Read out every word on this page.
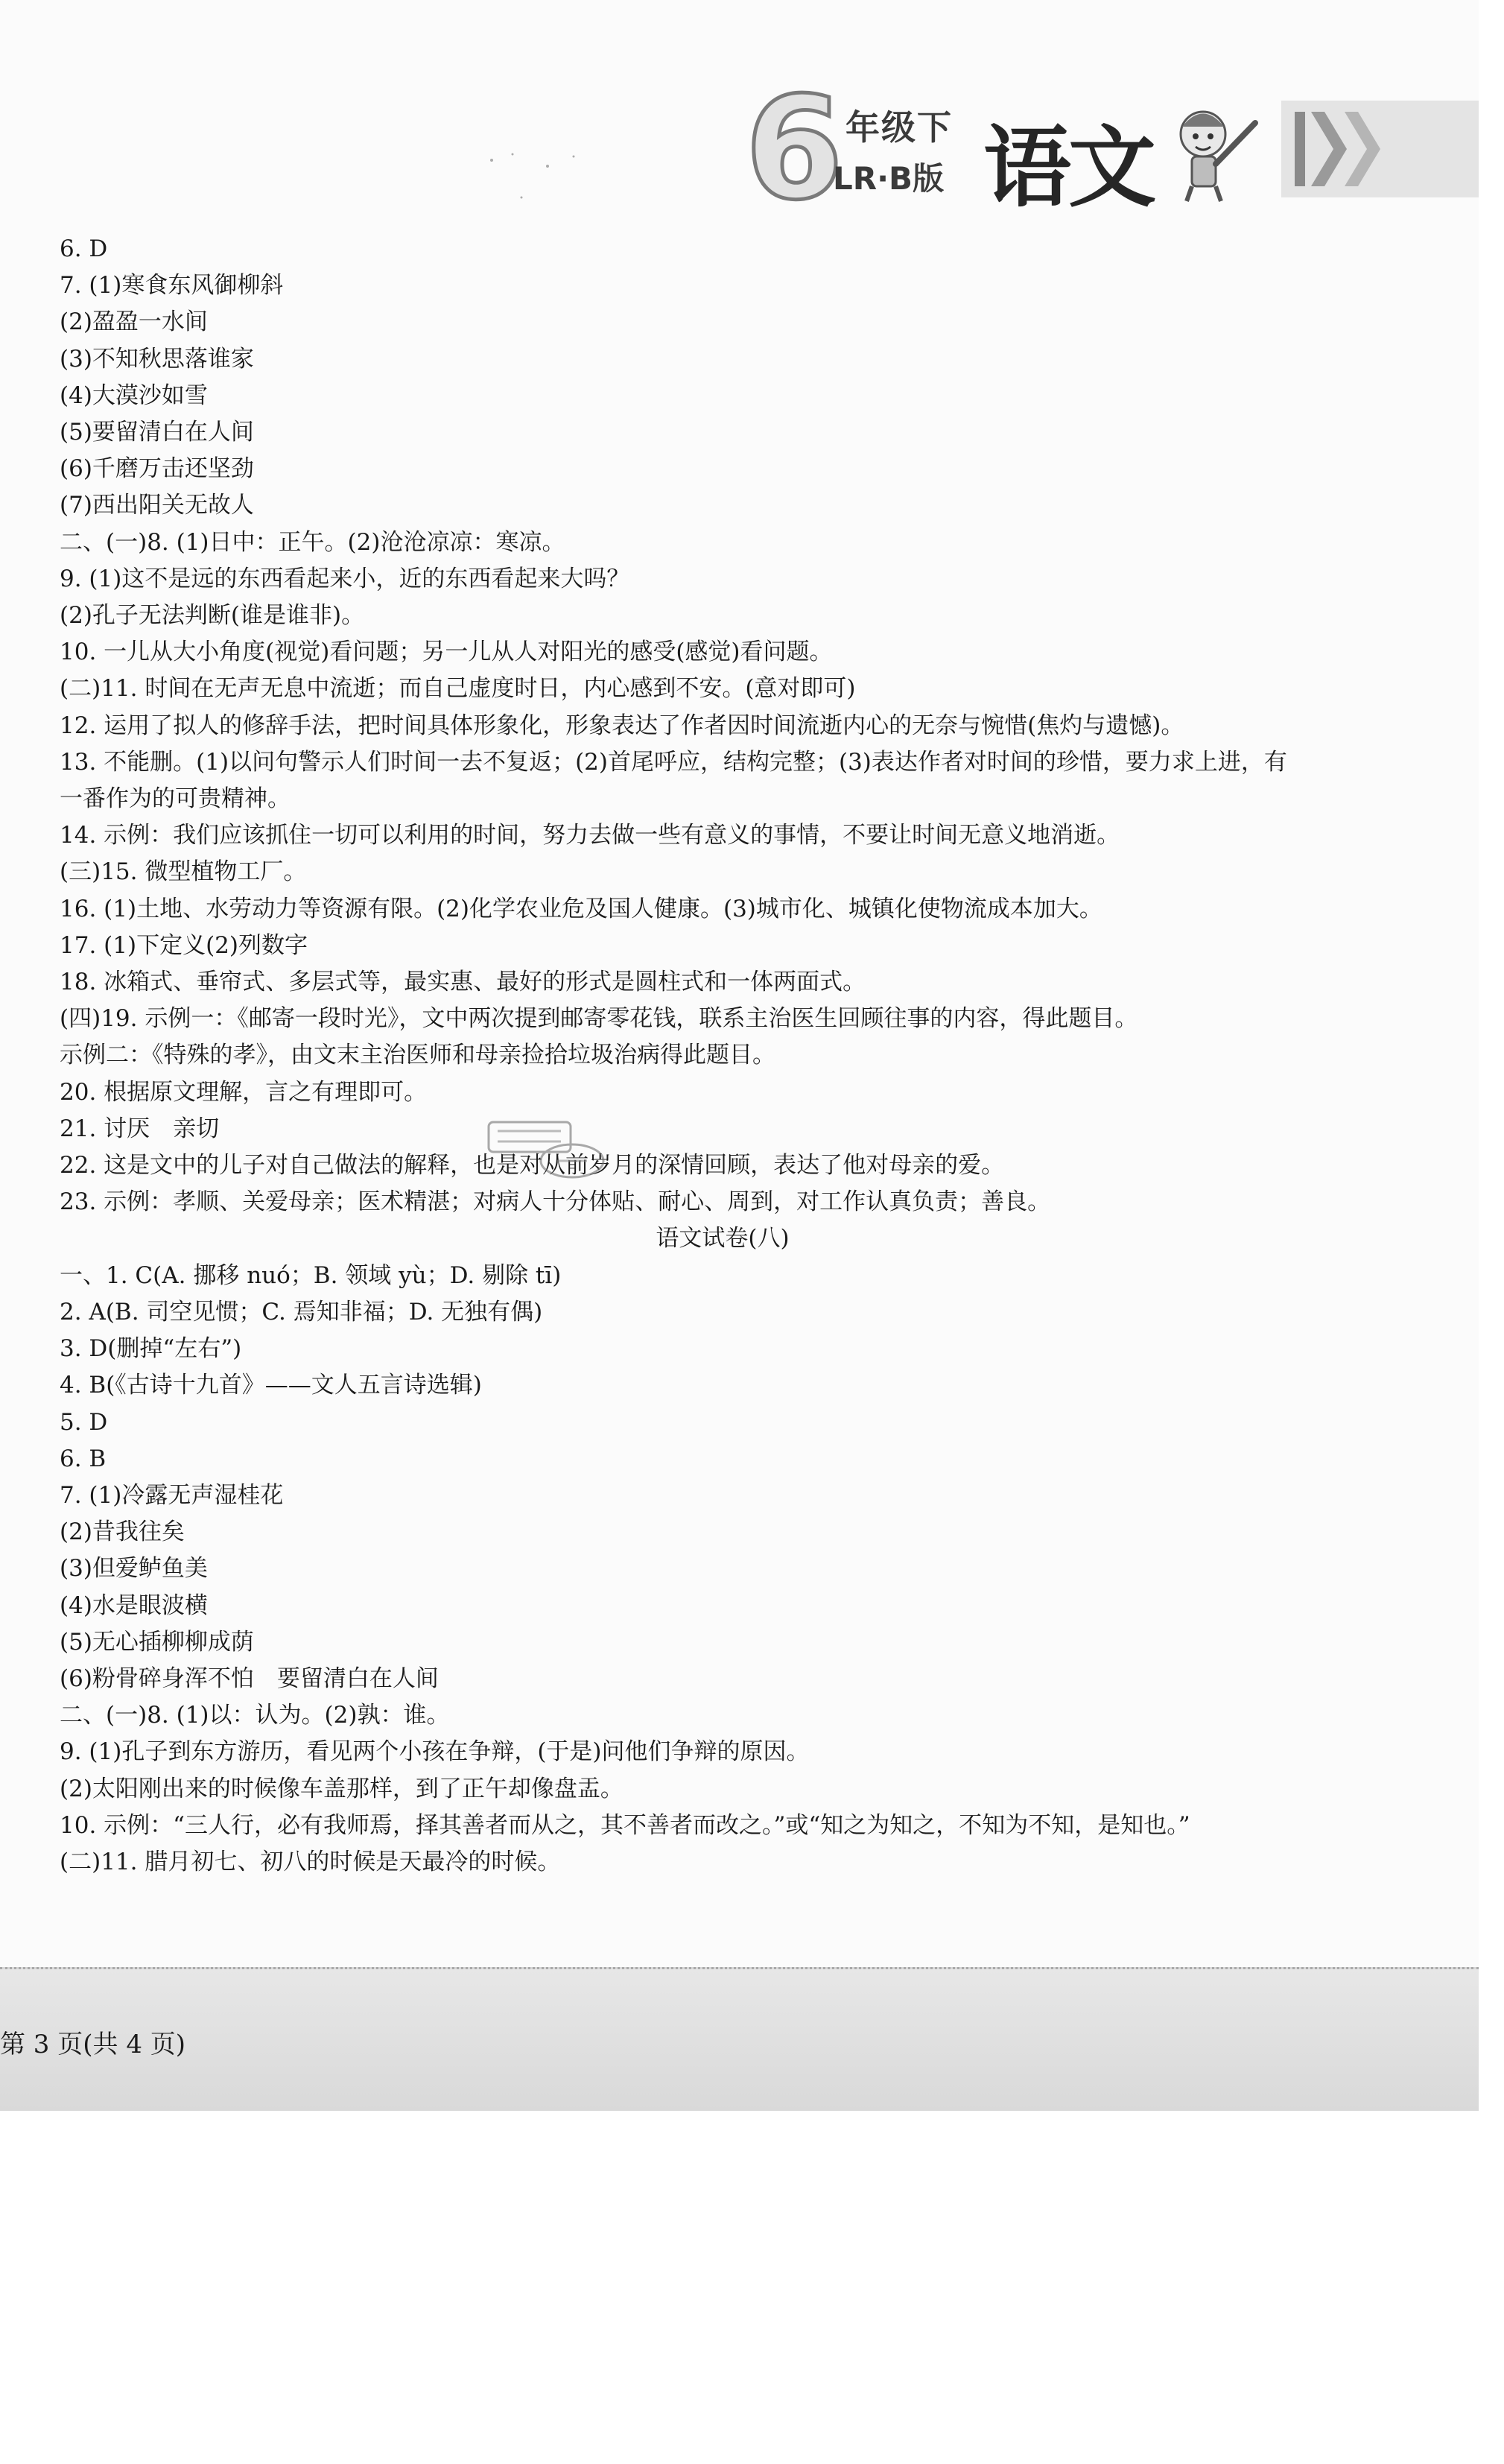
6 年级下
LR·B版 语文
6. D
7. (1)寒食东风御柳斜
(2)盈盈一水间
(3)不知秋思落谁家
(4)大漠沙如雪
(5)要留清白在人间
(6)千磨万击还坚劲
(7)西出阳关无故人
二、(一)8. (1)日中：正午。(2)沧沧凉凉：寒凉。
9. (1)这不是远的东西看起来小，近的东西看起来大吗？
(2)孔子无法判断(谁是谁非)。
10. 一儿从大小角度(视觉)看问题；另一儿从人对阳光的感受(感觉)看问题。
(二)11. 时间在无声无息中流逝；而自己虚度时日，内心感到不安。(意对即可)
12. 运用了拟人的修辞手法，把时间具体形象化，形象表达了作者因时间流逝内心的无奈与惋惜(焦灼与遗憾)。
13. 不能删。(1)以问句警示人们时间一去不复返；(2)首尾呼应，结构完整；(3)表达作者对时间的珍惜，要力求上进，有一番作为的可贵精神。
14. 示例：我们应该抓住一切可以利用的时间，努力去做一些有意义的事情，不要让时间无意义地消逝。
(三)15. 微型植物工厂。
16. (1)土地、水劳动力等资源有限。(2)化学农业危及国人健康。(3)城市化、城镇化使物流成本加大。
17. (1)下定义(2)列数字
18. 冰箱式、垂帘式、多层式等，最实惠、最好的形式是圆柱式和一体两面式。
(四)19. 示例一：《邮寄一段时光》，文中两次提到邮寄零花钱，联系主治医生回顾往事的内容，得此题目。
示例二：《特殊的孝》，由文末主治医师和母亲捡拾垃圾治病得此题目。
20. 根据原文理解，言之有理即可。
21. 讨厌　亲切
22. 这是文中的儿子对自己做法的解释，也是对从前岁月的深情回顾，表达了他对母亲的爱。
23. 示例：孝顺、关爱母亲；医术精湛；对病人十分体贴、耐心、周到，对工作认真负责；善良。
语文试卷(八)
一、1. C(A. 挪移 nuó；B. 领域 yù；D. 剔除 tī)
2. A(B. 司空见惯；C. 焉知非福；D. 无独有偶)
3. D(删掉“左右”)
4. B(《古诗十九首》——文人五言诗选辑)
5. D
6. B
7. (1)冷露无声湿桂花
(2)昔我往矣
(3)但爱鲈鱼美
(4)水是眼波横
(5)无心插柳柳成荫
(6)粉骨碎身浑不怕　要留清白在人间
二、(一)8. (1)以：认为。(2)孰：谁。
9. (1)孔子到东方游历，看见两个小孩在争辩，(于是)问他们争辩的原因。
(2)太阳刚出来的时候像车盖那样，到了正午却像盘盂。
10. 示例：“三人行，必有我师焉，择其善者而从之，其不善者而改之。”或“知之为知之，不知为不知，是知也。”
(二)11. 腊月初七、初八的时候是天最冷的时候。
第 3 页(共 4 页)
